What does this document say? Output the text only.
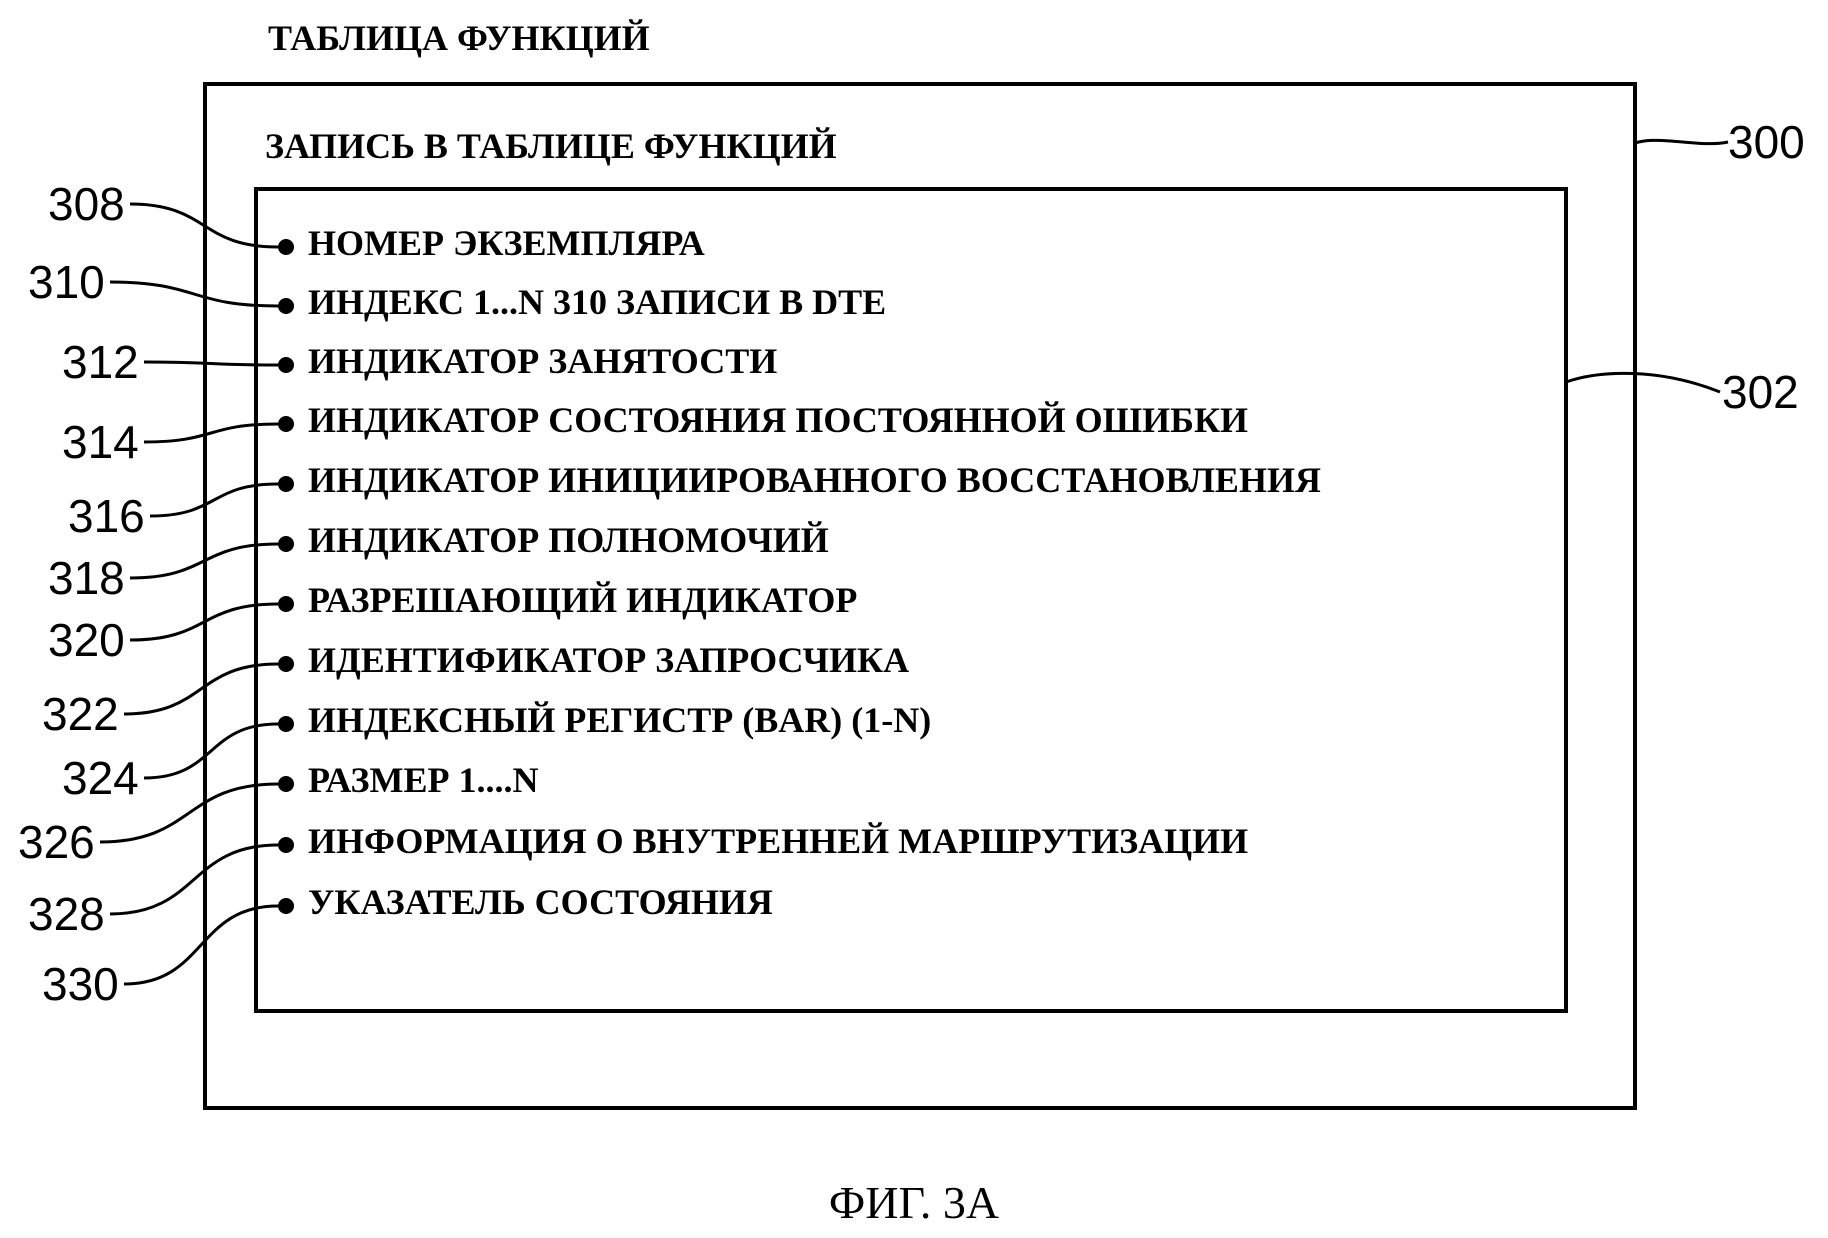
ТАБЛИЦА ФУНКЦИЙ
ЗАПИСЬ В ТАБЛИЦЕ ФУНКЦИЙ	300
302
НОМЕР ЭКЗЕМПЛЯРА
308
ИНДЕКС 1...N 310 ЗАПИСИ В DTE
310
ИНДИКАТОР ЗАНЯТОСТИ
312
ИНДИКАТОР СОСТОЯНИЯ ПОСТОЯННОЙ ОШИБКИ
314
ИНДИКАТОР ИНИЦИИРОВАННОГО ВОССТАНОВЛЕНИЯ
316	ИНДИКАТОР ПОЛНОМОЧИЙ
318	РАЗРЕШАЮЩИЙ ИНДИКАТОР
320	ИДЕНТИФИКАТОР ЗАПРОСЧИКА
322	ИНДЕКСНЫЙ РЕГИСТР (BAR) (1-N)
324	РАЗМЕР 1....N
326	ИНФОРМАЦИЯ О ВНУТРЕННЕЙ МАРШРУТИЗАЦИИ
328	УКАЗАТЕЛЬ СОСТОЯНИЯ
330
ФИГ. 3А
